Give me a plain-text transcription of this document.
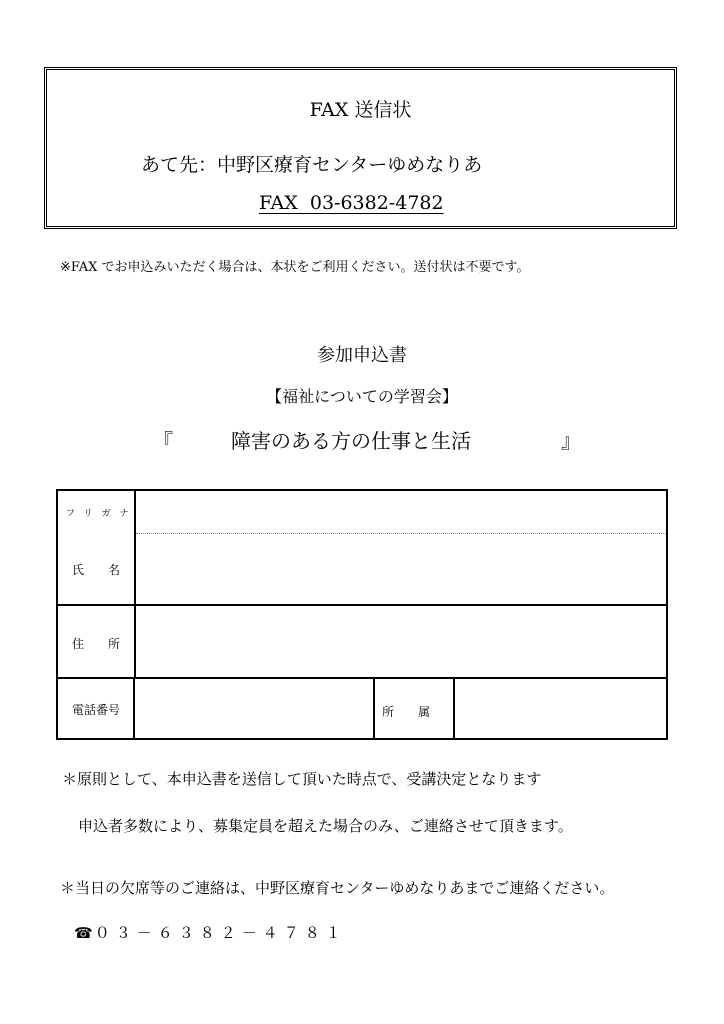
FAX 送信状
あて先：中野区療育センターゆめなりあ
FAX  03-6382-4782
※FAX でお申込みいただく場合は、本状をご利用ください。送付状は不要です。
参加申込書
【福祉についての学習会】
『	障害のある方の仕事と生活	』
フリガナ
氏　　名
住　　所
電話番号	所　　属
＊原則として、本申込書を送信して頂いた時点で、受講決定となります
申込者多数により、募集定員を超えた場合のみ、ご連絡させて頂きます。
＊当日の欠席等のご連絡は、中野区療育センターゆめなりあまでご連絡ください。
☎ ０３－６３８２－４７８１
